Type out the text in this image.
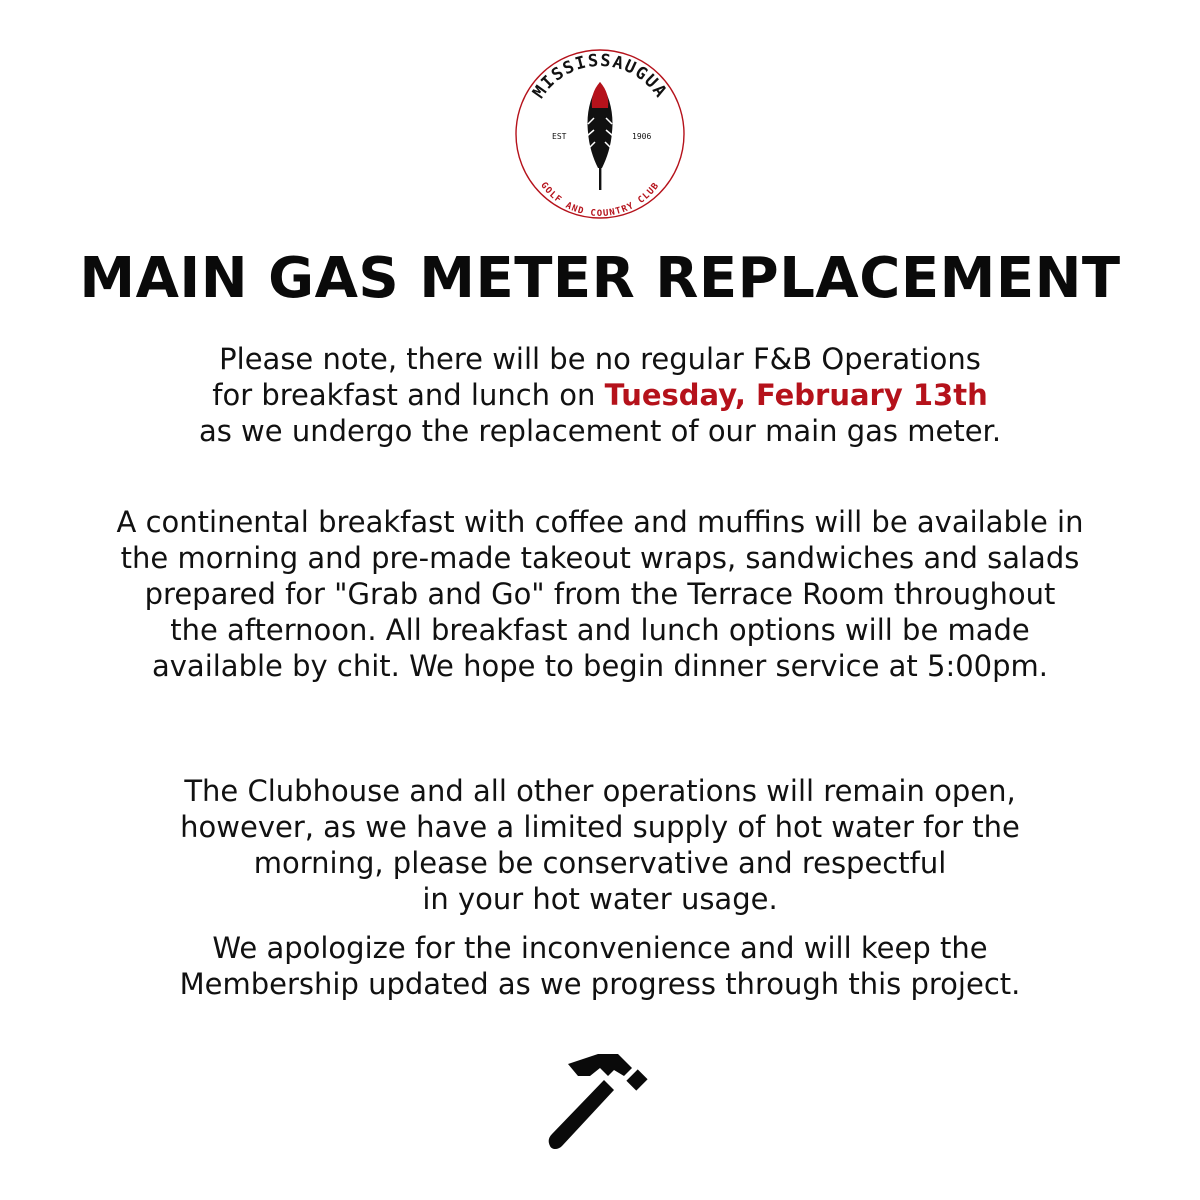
MISSISSAUGUA
GOLF AND COUNTRY CLUB
EST	1906
MAIN GAS METER REPLACEMENT
Please note, there will be no regular F&B Operations
for breakfast and lunch on Tuesday, February 13th
as we undergo the replacement of our main gas meter.
A continental breakfast with coffee and muffins will be available in
the morning and pre-made takeout wraps, sandwiches and salads
prepared for "Grab and Go" from the Terrace Room throughout
the afternoon. All breakfast and lunch options will be made
available by chit. We hope to begin dinner service at 5:00pm.
The Clubhouse and all other operations will remain open,
however, as we have a limited supply of hot water for the
morning, please be conservative and respectful
in your hot water usage.
We apologize for the inconvenience and will keep the
Membership updated as we progress through this project.
